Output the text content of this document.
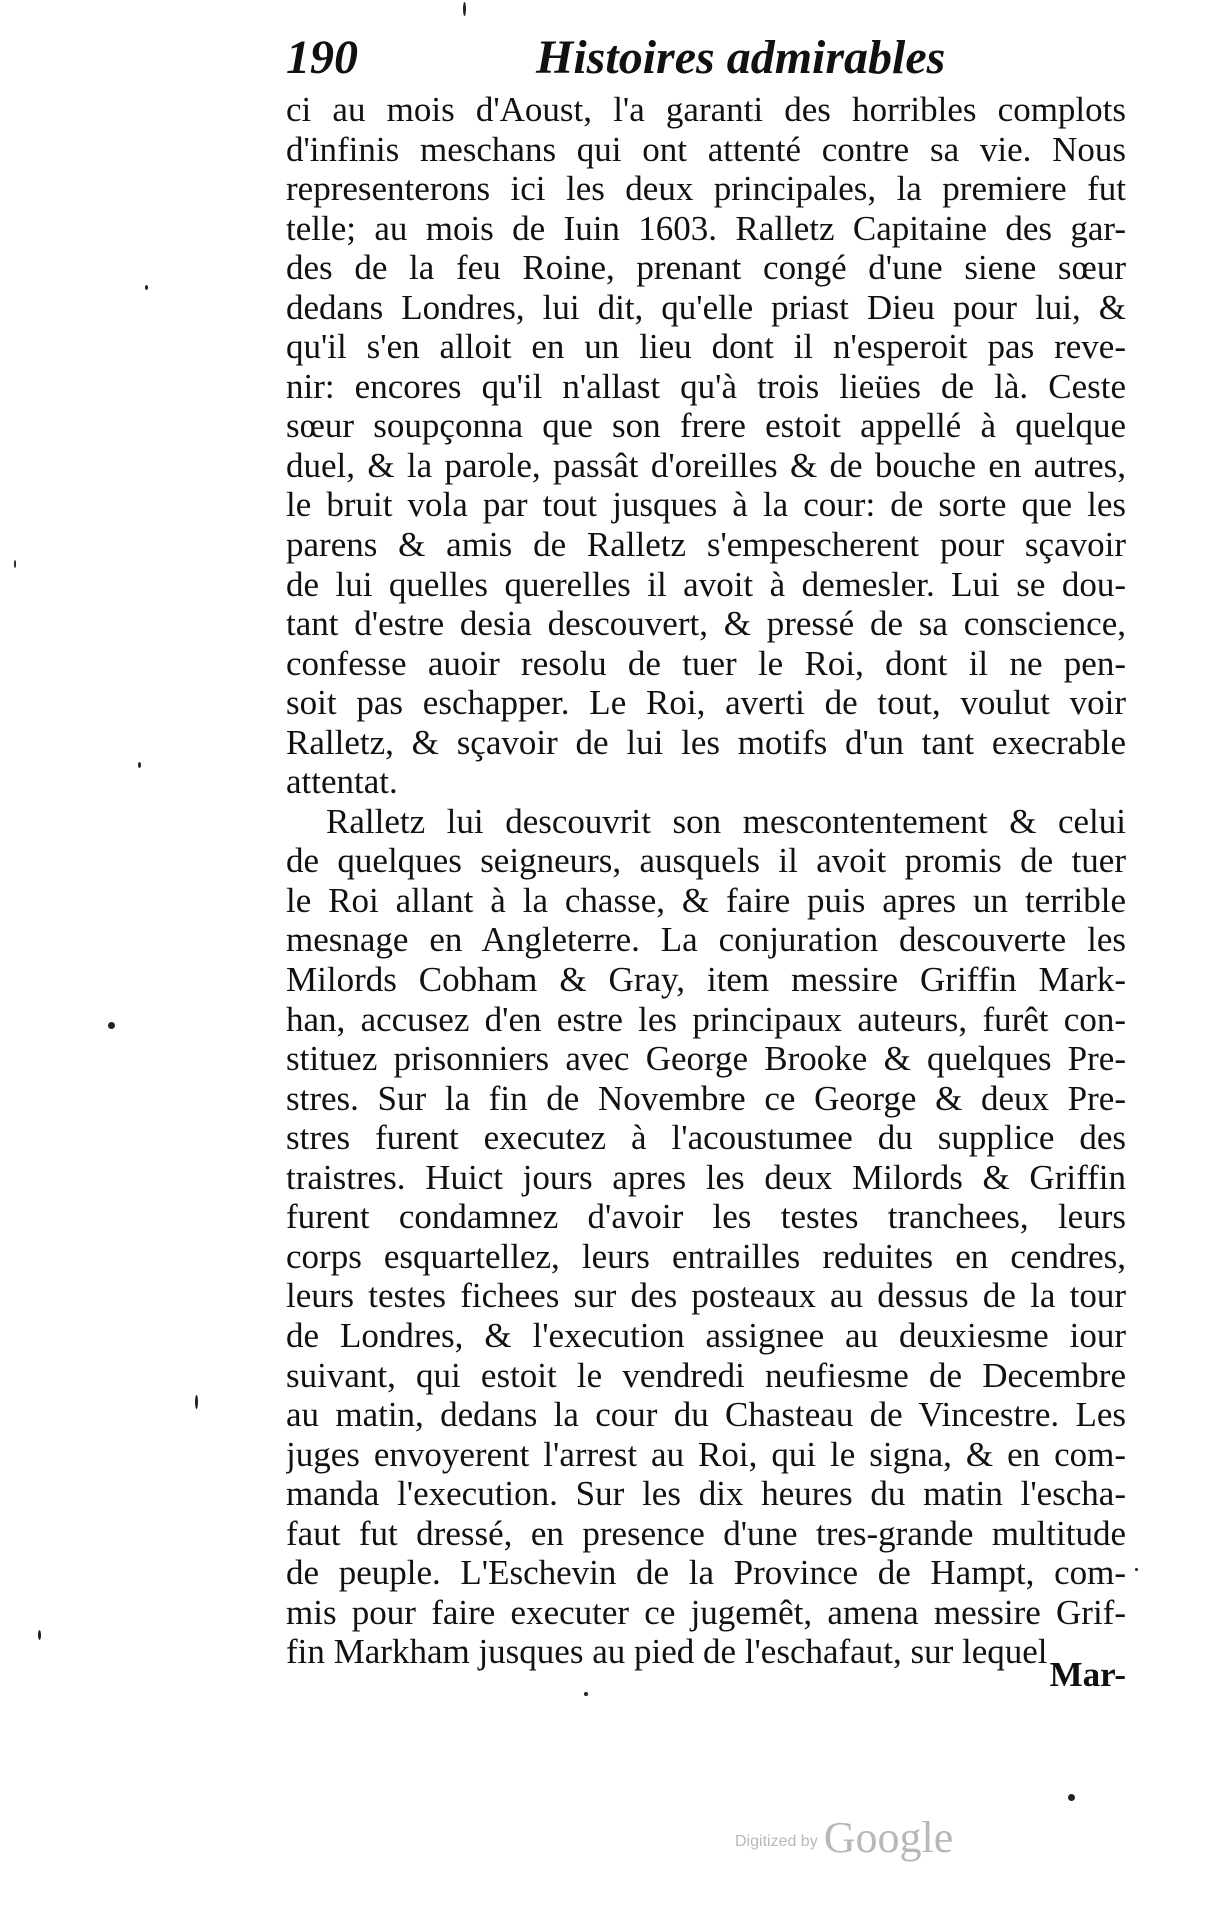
190	Histoires admirables
ci au mois d'Aoust, l'a garanti des horribles complots
d'infinis meschans qui ont attenté contre sa vie. Nous
representerons ici les deux principales, la premiere fut
telle; au mois de Iuin 1603. Ralletz Capitaine des gar-
des de la feu Roine, prenant congé d'une siene sœur
dedans Londres, lui dit, qu'elle priast Dieu pour lui, &
qu'il s'en alloit en un lieu dont il n'esperoit pas reve-
nir: encores qu'il n'allast qu'à trois lieües de là. Ceste
sœur soupçonna que son frere estoit appellé à quelque
duel, & la parole, passât d'oreilles & de bouche en autres,
le bruit vola par tout jusques à la cour: de sorte que les
parens & amis de Ralletz s'empescherent pour sçavoir
de lui quelles querelles il avoit à demesler. Lui se dou-
tant d'estre desia descouvert, & pressé de sa conscience,
confesse auoir resolu de tuer le Roi, dont il ne pen-
soit pas eschapper. Le Roi, averti de tout, voulut voir
Ralletz, & sçavoir de lui les motifs d'un tant execrable
attentat.
Ralletz lui descouvrit son mescontentement & celui
de quelques seigneurs, ausquels il avoit promis de tuer
le Roi allant à la chasse, & faire puis apres un terrible
mesnage en Angleterre. La conjuration descouverte les
Milords Cobham & Gray, item messire Griffin Mark-
han, accusez d'en estre les principaux auteurs, furêt con-
stituez prisonniers avec George Brooke & quelques Pre-
stres. Sur la fin de Novembre ce George & deux Pre-
stres furent executez à l'acoustumee du supplice des
traistres. Huict jours apres les deux Milords & Griffin
furent condamnez d'avoir les testes tranchees, leurs
corps esquartellez, leurs entrailles reduites en cendres,
leurs testes fichees sur des posteaux au dessus de la tour
de Londres, & l'execution assignee au deuxiesme iour
suivant, qui estoit le vendredi neufiesme de Decembre
au matin, dedans la cour du Chasteau de Vincestre. Les
juges envoyerent l'arrest au Roi, qui le signa, & en com-
manda l'execution. Sur les dix heures du matin l'escha-
faut fut dressé, en presence d'une tres-grande multitude
de peuple. L'Eschevin de la Province de Hampt, com-
mis pour faire executer ce jugemêt, amena messire Grif-
fin Markham jusques au pied de l'eschafaut, sur lequel
Mar-
Digitized by Google
